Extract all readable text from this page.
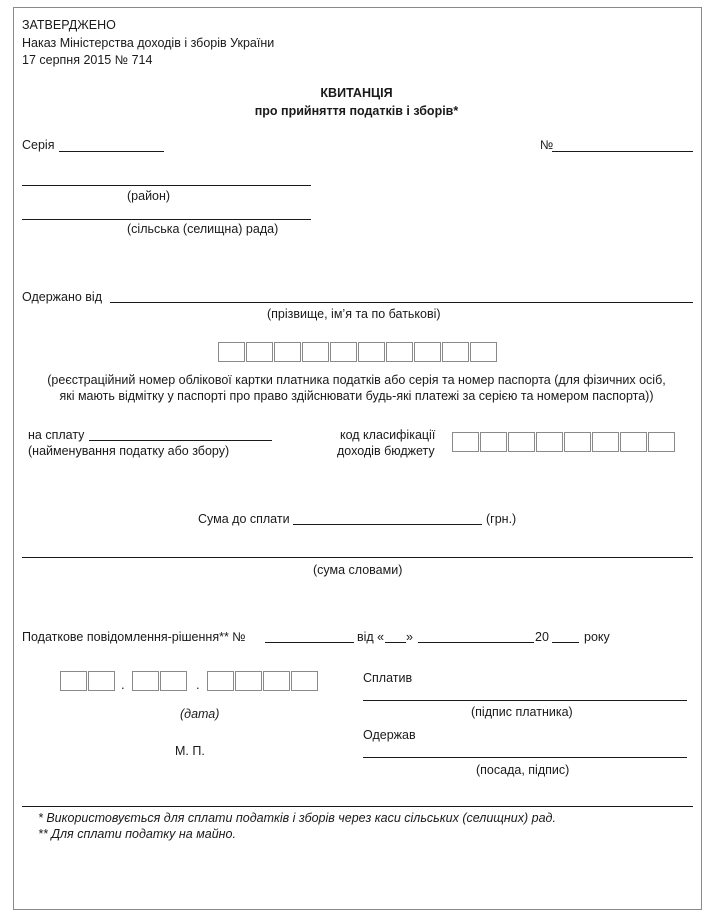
ЗАТВЕРДЖЕНО
Наказ Міністерства доходів і зборів України
17 серпня 2015 № 714
КВИТАНЦІЯ
про прийняття податків і зборів*
Серія	№
(район)
(сільська (селищна) рада)
Одержано від
(прізвище, ім’я та по батькові)
(реєстраційний номер облікової картки платника податків або серія та номер паспорта (для фізичних осіб,
які мають відмітку у паспорті про право здійснювати будь-які платежі за серією та номером паспорта))
на сплату
(найменування податку або збору)
код класифікації
доходів бюджету
Сума до сплати	(грн.)
(сума словами)
Податкове повідомлення-рішення** №	від « »	20	року
.	.
(дата)
М. П.
Сплатив
(підпис платника)
Одержав
(посада, підпис)
* Використовується для сплати податків і зборів через каси сільських (селищних) рад.
** Для сплати податку на майно.
